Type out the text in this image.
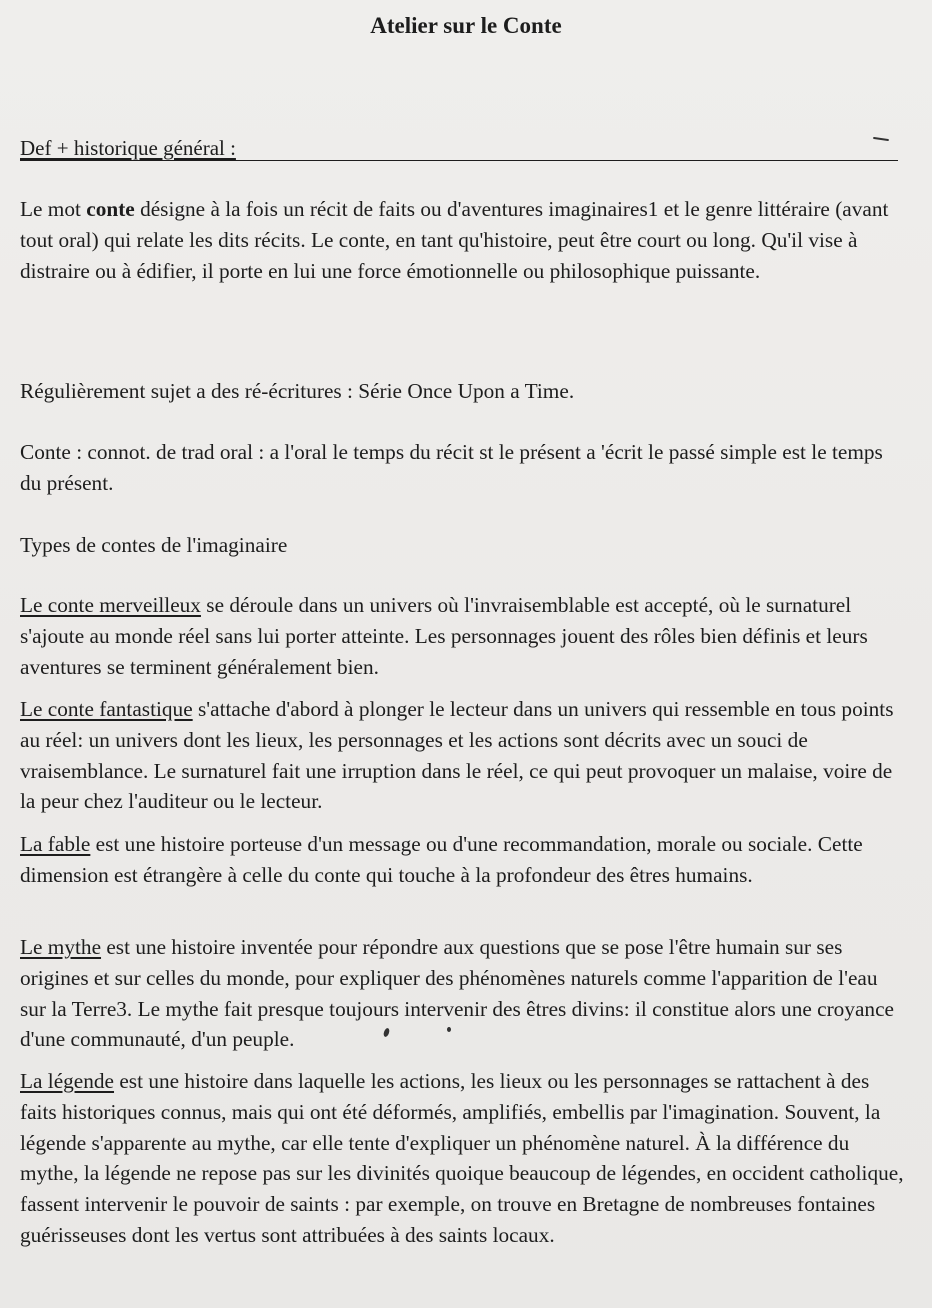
Atelier sur le Conte
Def + historique général :

Le mot conte désigne à la fois un récit de faits ou d'aventures imaginaires1 et le genre littéraire (avant tout oral) qui relate les dits récits. Le conte, en tant qu'histoire, peut être court ou long. Qu'il vise à distraire ou à édifier, il porte en lui une force émotionnelle ou philosophique puissante.

Régulièrement sujet a des ré-écritures : Série Once Upon a Time.

Conte : connot. de trad oral : a l'oral le temps du récit st le présent a 'écrit le passé simple est le temps du présent.

Types de contes de l'imaginaire

Le conte merveilleux se déroule dans un univers où l'invraisemblable est accepté, où le surnaturel s'ajoute au monde réel sans lui porter atteinte. Les personnages jouent des rôles bien définis et leurs aventures se terminent généralement bien.

Le conte fantastique s'attache d'abord à plonger le lecteur dans un univers qui ressemble en tous points au réel: un univers dont les lieux, les personnages et les actions sont décrits avec un souci de vraisemblance. Le surnaturel fait une irruption dans le réel, ce qui peut provoquer un malaise, voire de la peur chez l'auditeur ou le lecteur.

La fable est une histoire porteuse d'un message ou d'une recommandation, morale ou sociale. Cette dimension est étrangère à celle du conte qui touche à la profondeur des êtres humains.

Le mythe est une histoire inventée pour répondre aux questions que se pose l'être humain sur ses origines et sur celles du monde, pour expliquer des phénomènes naturels comme l'apparition de l'eau sur la Terre3. Le mythe fait presque toujours intervenir des êtres divins: il constitue alors une croyance d'une communauté, d'un peuple.

La légende est une histoire dans laquelle les actions, les lieux ou les personnages se rattachent à des faits historiques connus, mais qui ont été déformés, amplifiés, embellis par l'imagination. Souvent, la légende s'apparente au mythe, car elle tente d'expliquer un phénomène naturel. À la différence du mythe, la légende ne repose pas sur les divinités quoique beaucoup de légendes, en occident catholique, fassent intervenir le pouvoir de saints : par exemple, on trouve en Bretagne de nombreuses fontaines guérisseuses dont les vertus sont attribuées à des saints locaux.
